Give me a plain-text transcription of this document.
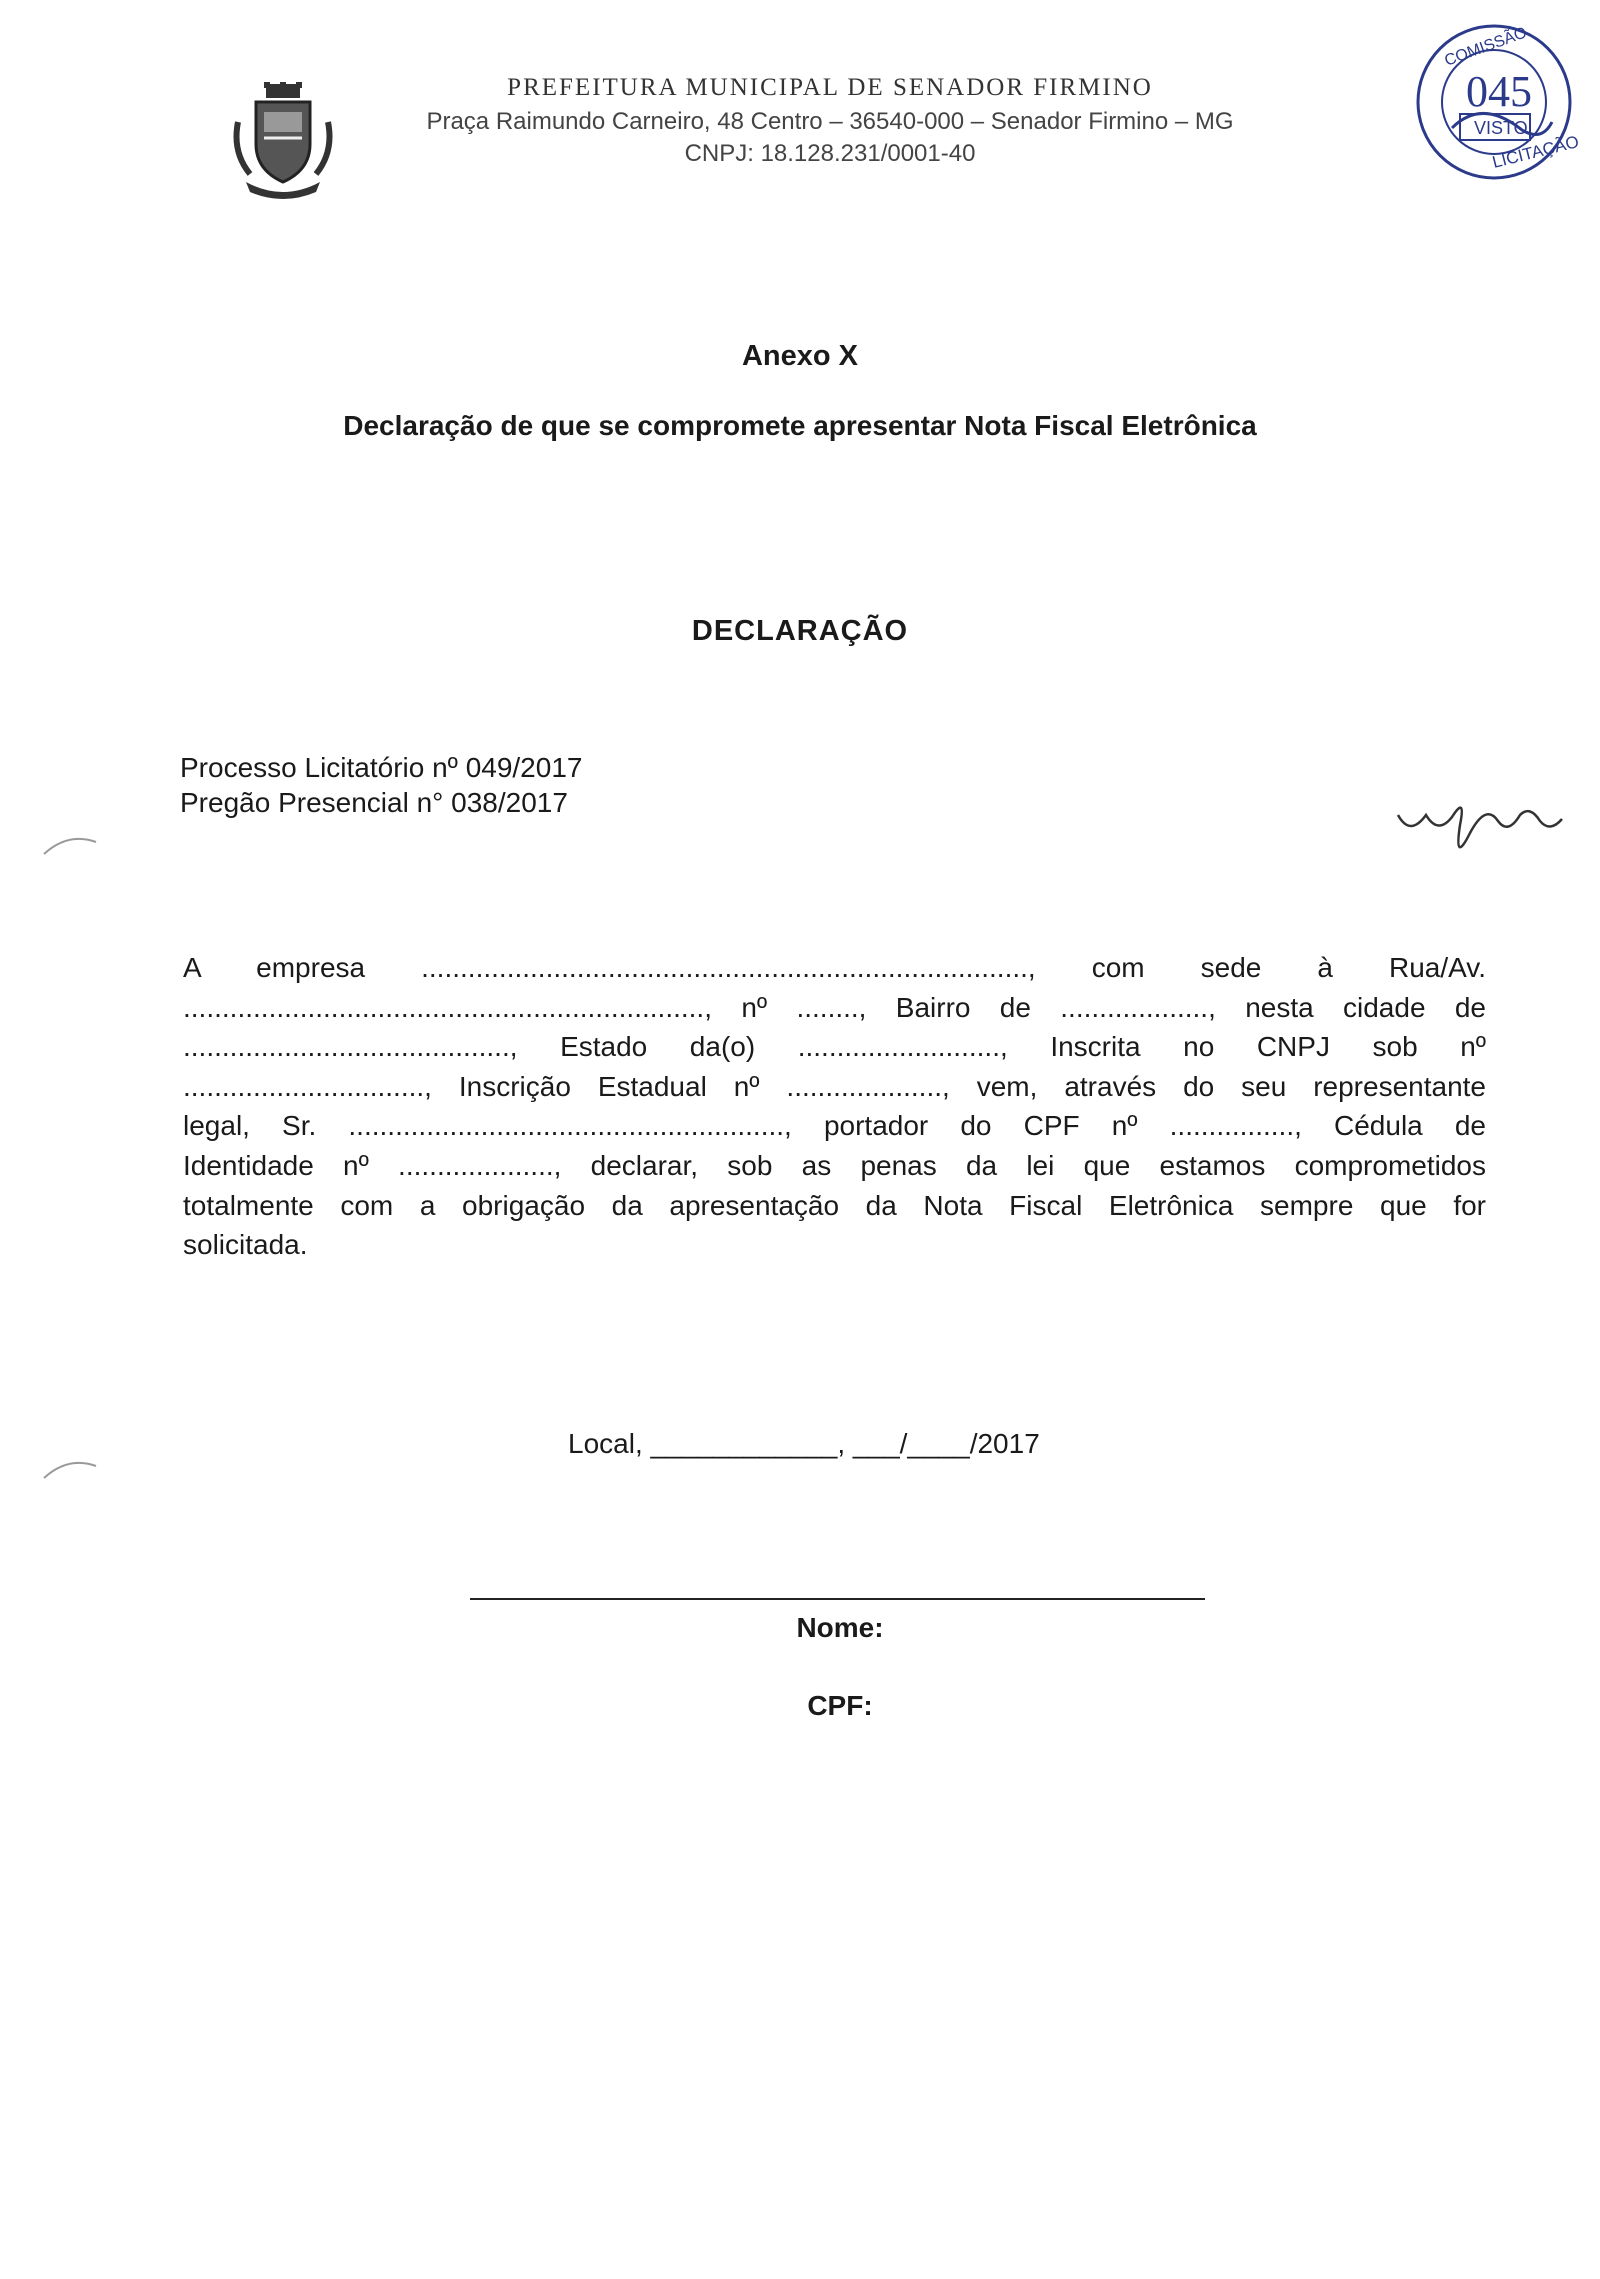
PREFEITURA MUNICIPAL DE SENADOR FIRMINO
Praça Raimundo Carneiro, 48 Centro – 36540-000 – Senador Firmino – MG
CNPJ: 18.128.231/0001-40
COMISSÃO
045
VISTO
LICITAÇÃO
Anexo X
Declaração de que se compromete apresentar Nota Fiscal Eletrônica
DECLARAÇÃO
Processo Licitatório nº 049/2017
Pregão Presencial n° 038/2017
A empresa .............................................................................., com sede à Rua/Av.
..................................................................., nº ........, Bairro de ..................., nesta cidade de
.........................................., Estado da(o) .........................., Inscrita no CNPJ sob nº
..............................., Inscrição Estadual nº ...................., vem, através do seu representante
legal, Sr. ........................................................, portador do CPF nº ................, Cédula de
Identidade nº ...................., declarar, sob as penas da lei que estamos comprometidos
totalmente com a obrigação da apresentação da Nota Fiscal Eletrônica sempre que for
solicitada.
Local, ____________, ___/____/2017
Nome:
CPF:
